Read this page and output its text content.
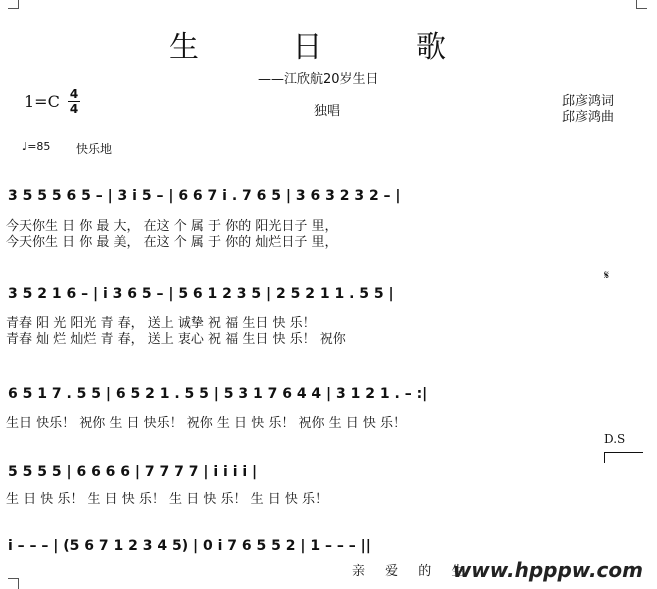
生 日 歌
——江欣航20岁生日
1=C 4
4	独唱
邱彦鸿词
邱彦鸿曲
♩=85 快乐地
3 5 5 5 6 5 – | 3 i 5 – | 6 6 7 i . 7 6 5 | 3 6 3 2 3 2 – |
今天你生 日 你 最 大， 在这 个 属 于 你的 阳光日子 里，
今天你生 日 你 最 美， 在这 个 属 于 你的 灿烂日子 里，
𝄋
3 5 2 1 6 – | i 3 6 5 – | 5 6 1 2 3 5 | 2 5 2 1 1 . 5 5 |
青春 阳 光 阳光 青 春， 送上 诚挚 祝 福 生日 快 乐！
青春 灿 烂 灿烂 青 春， 送上 衷心 祝 福 生日 快 乐！ 祝你
6 5 1 7 . 5 5 | 6 5 2 1 . 5 5 | 5 3 1 7 6 4 4 | 3 1 2 1 . – :|
生日 快乐！ 祝你 生 日 快乐！ 祝你 生 日 快 乐！ 祝你 生 日 快 乐！
D.S
5 5 5 5 | 6 6 6 6 | 7 7 7 7 | i i i i |
生 日 快 乐！ 生 日 快 乐！ 生 日 快 乐！ 生 日 快 乐！
i – – – | (5 6 7 1 2 3 4 5) | 0 i 7 6 5 5 2 | 1 – – – ||
亲 爱 的 生
www.hpppw.com
